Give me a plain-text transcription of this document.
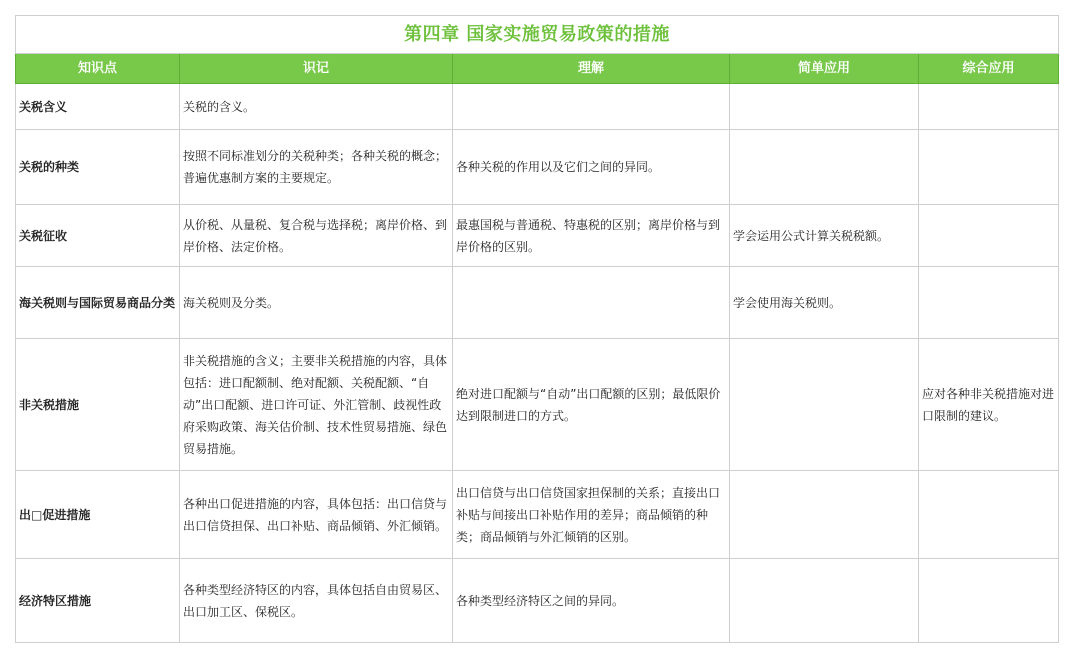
第四章 国家实施贸易政策的措施				
知识点	识记	理解	简单应用	综合应用
关税含义	关税的含义。			
关税的种类	按照不同标准划分的关税种类；各种关税的概念；普遍优惠制方案的主要规定。	各种关税的作用以及它们之间的异同。		
关税征收	从价税、从量税、复合税与选择税；离岸价格、到岸价格、法定价格。	最惠国税与普通税、特惠税的区别；离岸价格与到岸价格的区别。	学会运用公式计算关税税额。	
海关税则与国际贸易商品分类	海关税则及分类。		学会使用海关税则。	
非关税措施	非关税措施的含义；主要非关税措施的内容，具体包括：进口配额制、绝对配额、关税配额、“自动”出口配额、进口许可证、外汇管制、歧视性政府采购政策、海关估价制、技术性贸易措施、绿色贸易措施。	绝对进口配额与“自动”出口配额的区别；最低限价达到限制进口的方式。		应对各种非关税措施对进口限制的建议。
出□促进措施	各种出口促进措施的内容，具体包括：出口信贷与出口信贷担保、出口补贴、商品倾销、外汇倾销。	出口信贷与出口信贷国家担保制的关系；直接出口补贴与间接出口补贴作用的差异；商品倾销的种类；商品倾销与外汇倾销的区别。		
经济特区措施	各种类型经济特区的内容，具体包括自由贸易区、出口加工区、保税区。	各种类型经济特区之间的异同。		
